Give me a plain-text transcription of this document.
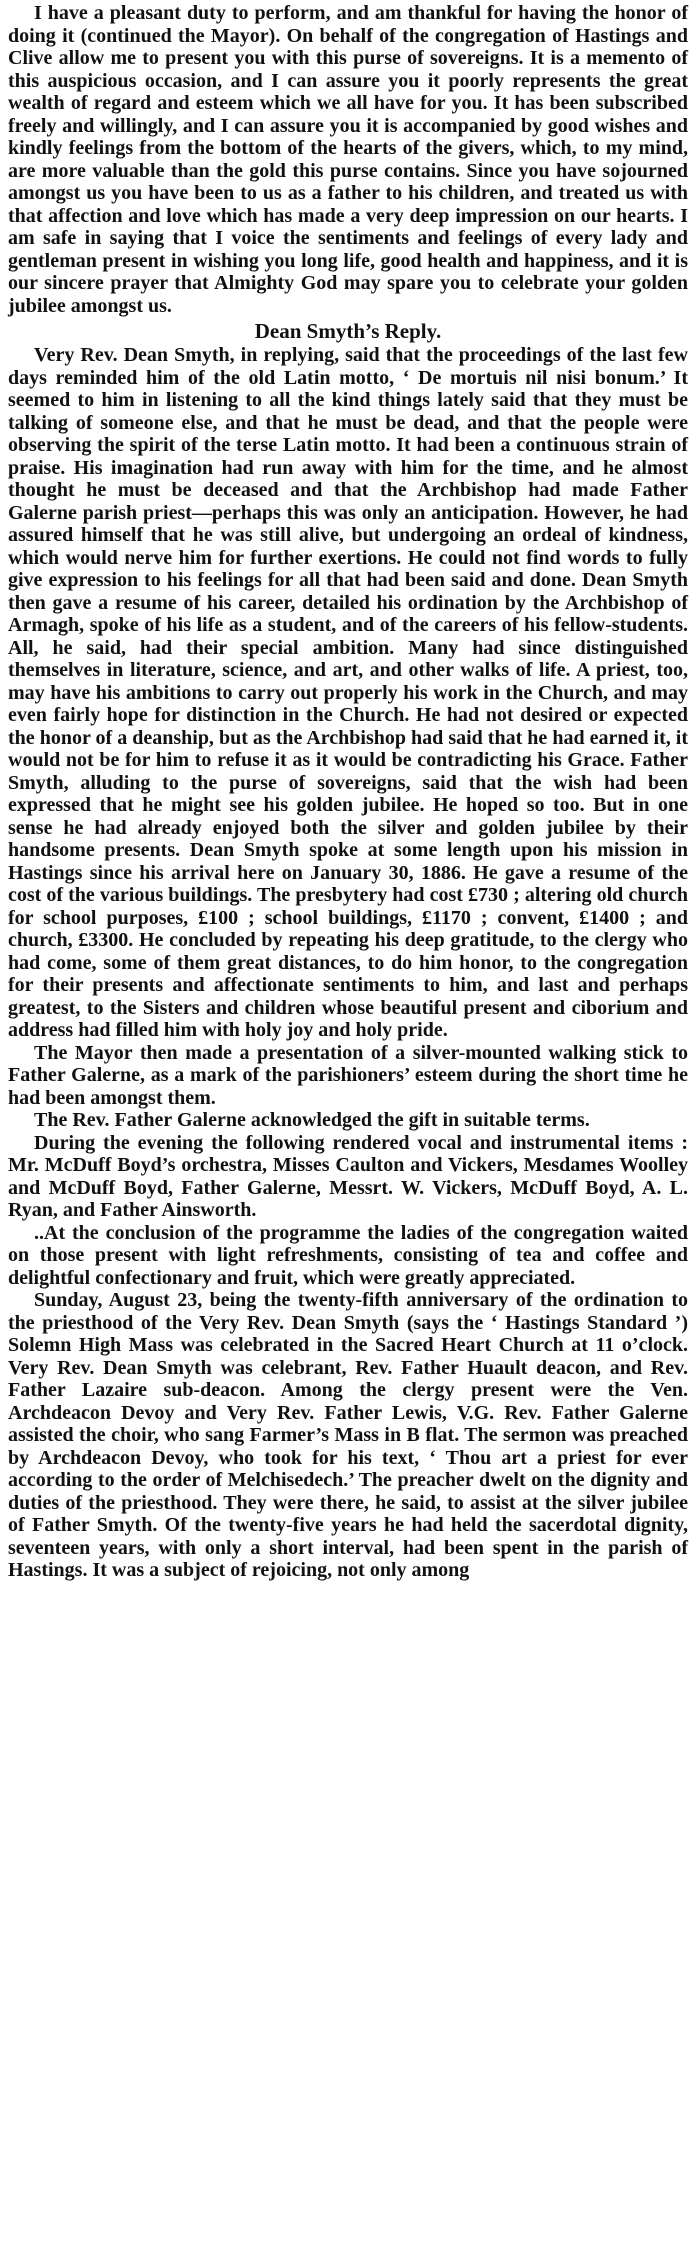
I have a pleasant duty to perform, and am thankful for having the honor of doing it (continued the Mayor). On behalf of the congregation of Hastings and Clive allow me to present you with this purse of sovereigns. It is a memento of this auspicious occasion, and I can assure you it poorly represents the great wealth of regard and esteem which we all have for you. It has been subscribed freely and willingly, and I can assure you it is accompanied by good wishes and kindly feelings from the bottom of the hearts of the givers, which, to my mind, are more valuable than the gold this purse contains. Since you have sojourned amongst us you have been to us as a father to his children, and treated us with that affection and love which has made a very deep impression on our hearts. I am safe in saying that I voice the sentiments and feelings of every lady and gentleman present in wishing you long life, good health and happiness, and it is our sincere prayer that Almighty God may spare you to celebrate your golden jubilee amongst us.

Dean Smyth’s Reply.

Very Rev. Dean Smyth, in replying, said that the proceedings of the last few days reminded him of the old Latin motto, ‘ De mortuis nil nisi bonum.’ It seemed to him in listening to all the kind things lately said that they must be talking of someone else, and that he must be dead, and that the people were observing the spirit of the terse Latin motto. It had been a continuous strain of praise. His imagination had run away with him for the time, and he almost thought he must be deceased and that the Archbishop had made Father Galerne parish priest—perhaps this was only an anticipation. However, he had assured himself that he was still alive, but undergoing an ordeal of kindness, which would nerve him for further exertions. He could not find words to fully give expression to his feelings for all that had been said and done. Dean Smyth then gave a resume of his career, detailed his ordination by the Archbishop of Armagh, spoke of his life as a student, and of the careers of his fellow-students. All, he said, had their special ambition. Many had since distinguished themselves in literature, science, and art, and other walks of life. A priest, too, may have his ambitions to carry out properly his work in the Church, and may even fairly hope for distinction in the Church. He had not desired or expected the honor of a deanship, but as the Archbishop had said that he had earned it, it would not be for him to refuse it as it would be contradicting his Grace. Father Smyth, alluding to the purse of sovereigns, said that the wish had been expressed that he might see his golden jubilee. He hoped so too. But in one sense he had already enjoyed both the silver and golden jubilee by their handsome presents. Dean Smyth spoke at some length upon his mission in Hastings since his arrival here on January 30, 1886. He gave a resume of the cost of the various buildings. The presbytery had cost £730 ; altering old church for school purposes, £100 ; school buildings, £1170 ; convent, £1400 ; and church, £3300. He concluded by repeating his deep gratitude, to the clergy who had come, some of them great distances, to do him honor, to the congregation for their presents and affectionate sentiments to him, and last and perhaps greatest, to the Sisters and children whose beautiful present and ciborium and address had filled him with holy joy and holy pride.

The Mayor then made a presentation of a silver-mounted walking stick to Father Galerne, as a mark of the parishioners’ esteem during the short time he had been amongst them.

The Rev. Father Galerne acknowledged the gift in suitable terms.

During the evening the following rendered vocal and instrumental items : Mr. McDuff Boyd’s orchestra, Misses Caulton and Vickers, Mesdames Woolley and McDuff Boyd, Father Galerne, Messrt. W. Vickers, McDuff Boyd, A. L. Ryan, and Father Ainsworth.

..At the conclusion of the programme the ladies of the congregation waited on those present with light refreshments, consisting of tea and coffee and delightful confectionary and fruit, which were greatly appreciated.

Sunday, August 23, being the twenty-fifth anniversary of the ordination to the priesthood of the Very Rev. Dean Smyth (says the ‘ Hastings Standard ’) Solemn High Mass was celebrated in the Sacred Heart Church at 11 o’clock. Very Rev. Dean Smyth was celebrant, Rev. Father Huault deacon, and Rev. Father Lazaire sub-deacon. Among the clergy present were the Ven. Archdeacon Devoy and Very Rev. Father Lewis, V.G. Rev. Father Galerne assisted the choir, who sang Farmer’s Mass in B flat. The sermon was preached by Archdeacon Devoy, who took for his text, ‘ Thou art a priest for ever according to the order of Melchisedech.’ The preacher dwelt on the dignity and duties of the priesthood. They were there, he said, to assist at the silver jubilee of Father Smyth. Of the twenty-five years he had held the sacerdotal dignity, seventeen years, with only a short interval, had been spent in the parish of Hastings. It was a subject of rejoicing, not only among
